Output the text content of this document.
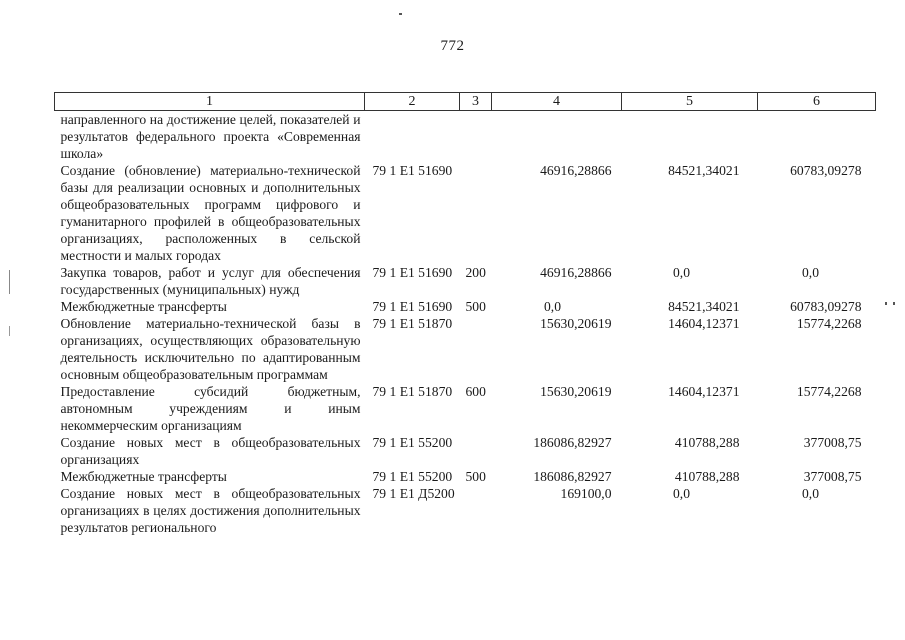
772
1	2	3	4	5	6
направленного на достижение целей, показателей и результатов федерального проекта «Современная школа»					
Создание (обновление) материально-технической базы для реализации основных и дополнительных общеобразовательных программ цифрового и гуманитарного профилей в общеобразовательных организациях, расположенных в сельской местности и малых городах	79 1 Е1 51690		46916,28866	84521,34021	60783,09278
Закупка товаров, работ и услуг для обеспечения государственных (муниципальных) нужд	79 1 Е1 51690	200	46916,28866	0,0	0,0
Межбюджетные трансферты	79 1 Е1 51690	500	0,0	84521,34021	60783,09278
Обновление материально-технической базы в организациях, осуществляющих образовательную деятельность исключительно по адаптированным основным общеобразовательным программам	79 1 Е1 51870		15630,20619	14604,12371	15774,2268
Предоставление субсидий бюджетным, автономным учреждениям и иным некоммерческим организациям	79 1 Е1 51870	600	15630,20619	14604,12371	15774,2268
Создание новых мест в общеобразовательных организациях	79 1 Е1 55200		186086,82927	410788,288	377008,75
Межбюджетные трансферты	79 1 Е1 55200	500	186086,82927	410788,288	377008,75
Создание новых мест в общеобразовательных организациях в целях достижения дополнительных результатов регионального	79 1 Е1 Д5200		169100,0	0,0	0,0
